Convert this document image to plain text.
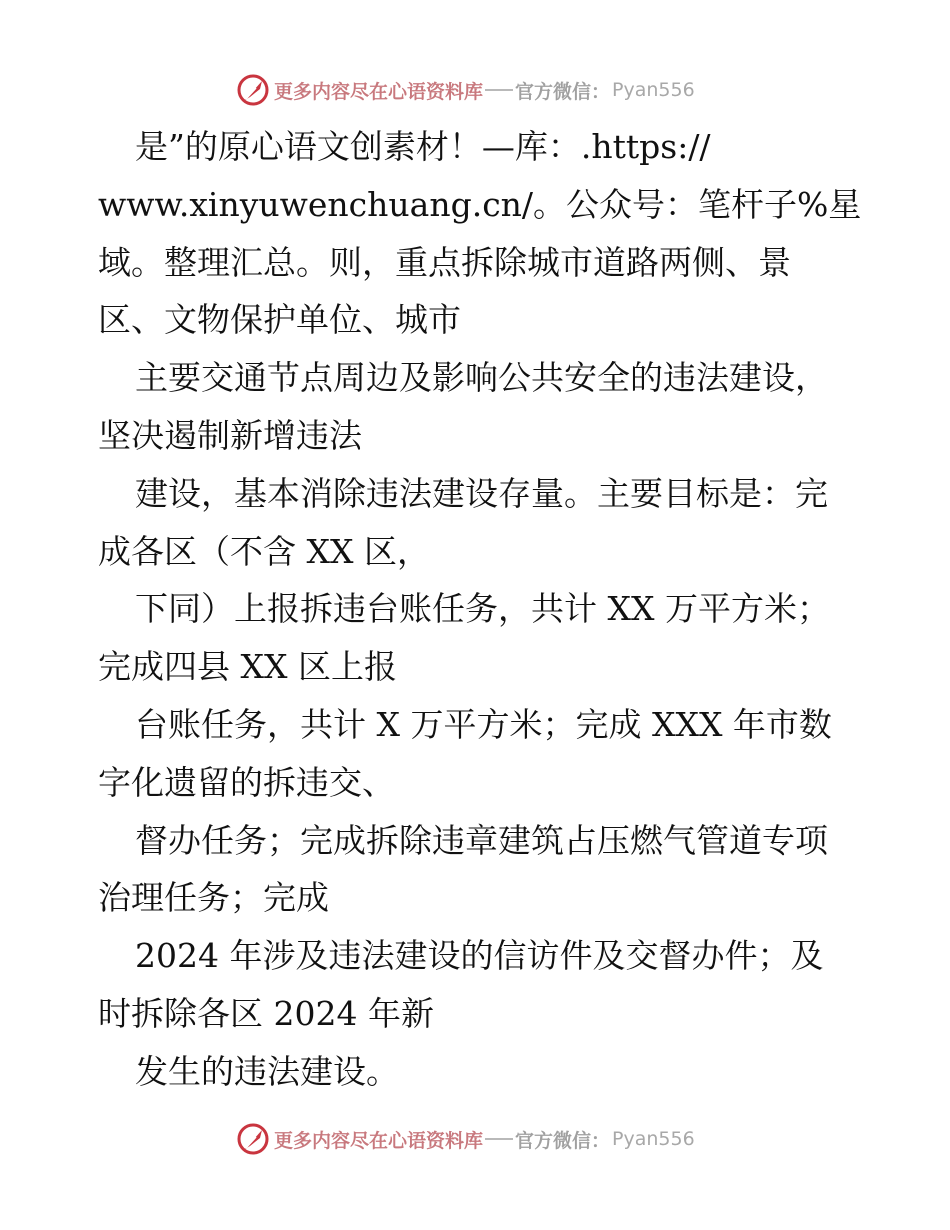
更多内容尽在心语资料库 官方微信： Pyan556
是”的原心语文创素材！—库：.https://
www.xinyuwenchuang.cn/。公众号：笔杆子%星
域。整理汇总。则，重点拆除城市道路两侧、景
区、文物保护单位、城市
主要交通节点周边及影响公共安全的违法建设，
坚决遏制新增违法
建设，基本消除违法建设存量。主要目标是：完
成各区（不含 XX 区，
下同）上报拆违台账任务，共计 XX 万平方米；
完成四县 XX 区上报
台账任务，共计 X 万平方米；完成 XXX 年市数
字化遗留的拆违交、
督办任务；完成拆除违章建筑占压燃气管道专项
治理任务；完成
2024 年涉及违法建设的信访件及交督办件；及
时拆除各区 2024 年新
发生的违法建设。
更多内容尽在心语资料库 官方微信： Pyan556
